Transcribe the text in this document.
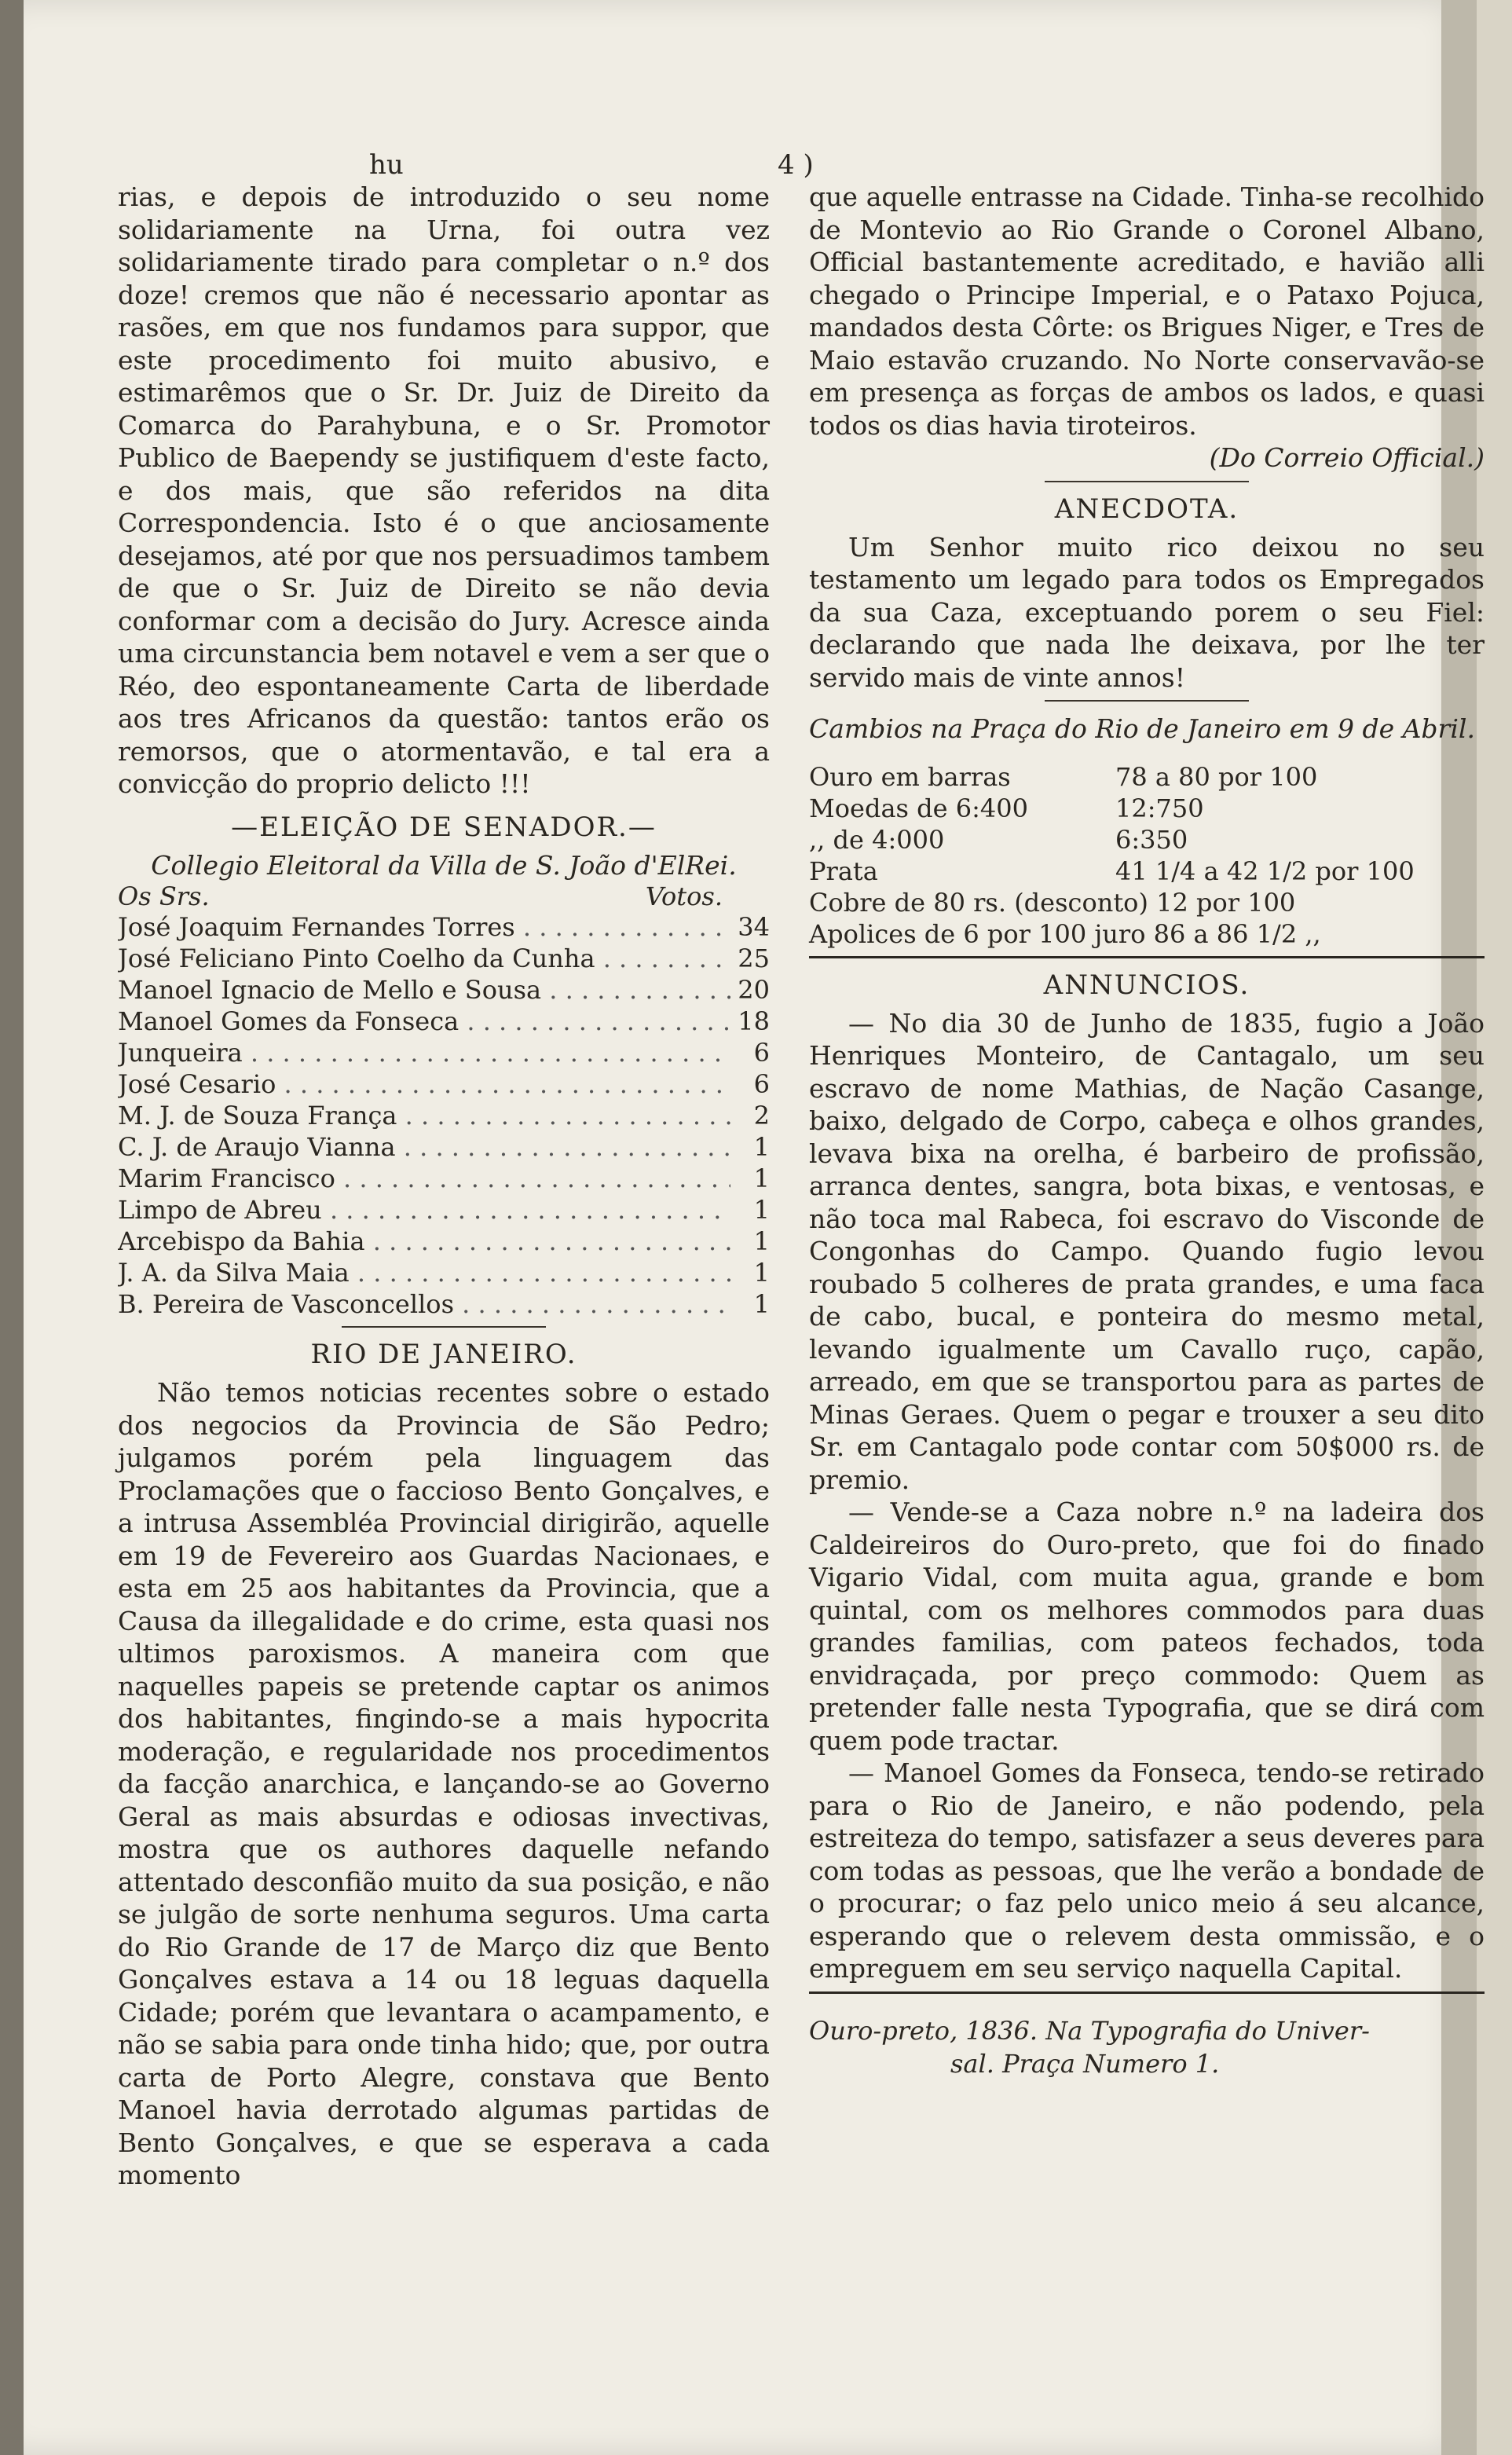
hu	4 )

rias, e depois de introduzido o seu nome solidariamente na Urna, foi outra vez solidariamente tirado para completar o n.º dos doze! cremos que não é necessario apontar as rasões, em que nos fundamos para suppor, que este procedimento foi muito abusivo, e estimarêmos que o Sr. Dr. Juiz de Direito da Comarca do Parahybuna, e o Sr. Promotor Publico de Baependy se justifiquem d'este facto, e dos mais, que são referidos na dita Correspondencia. Isto é o que anciosamente desejamos, até por que nos persuadimos tambem de que o Sr. Juiz de Direito se não devia conformar com a decisão do Jury. Acresce ainda uma circunstancia bem notavel e vem a ser que o Réo, deo espontaneamente Carta de liberdade aos tres Africanos da questão: tantos erão os remorsos, que o atormentavão, e tal era a convicção do proprio delicto !!!

—ELEIÇÃO DE SENADOR.—
Collegio Eleitoral da Villa de S. João d'ElRei.
Os Srs.	Votos.
José Joaquim Fernandes Torres . . .	34
José Feliciano Pinto Coelho da Cunha . . .	25
Manoel Ignacio de Mello e Sousa . . .	20
Manoel Gomes da Fonseca . . .	18
Junqueira . . .	6
José Cesario . . .	6
M. J. de Souza França . . .	2
C. J. de Araujo Vianna . . .	1
Marim Francisco . . .	1
Limpo de Abreu . . .	1
Arcebispo da Bahia . . .	1
J. A. da Silva Maia . . .	1
B. Pereira de Vasconcellos . . .	1
RIO DE JANEIRO.

Não temos noticias recentes sobre o estado dos negocios da Provincia de São Pedro; julgamos porém pela linguagem das Proclamações que o faccioso Bento Gonçalves, e a intrusa Assembléa Provincial dirigirão, aquelle em 19 de Fevereiro aos Guardas Nacionaes, e esta em 25 aos habitantes da Provincia, que a Causa da illegalidade e do crime, esta quasi nos ultimos paroxismos. A maneira com que naquelles papeis se pretende captar os animos dos habitantes, fingindo-se a mais hypocrita moderação, e regularidade nos procedimentos da facção anarchica, e lançando-se ao Governo Geral as mais absurdas e odiosas invectivas, mostra que os authores daquelle nefando attentado desconfião muito da sua posição, e não se julgão de sorte nenhuma seguros. Uma carta do Rio Grande de 17 de Março diz que Bento Gonçalves estava a 14 ou 18 leguas daquella Cidade; porém que levantara o acampamento, e não se sabia para onde tinha hido; que, por outra carta de Porto Alegre, constava que Bento Manoel havia derrotado algumas partidas de Bento Gonçalves, e que se esperava a cada momento

que aquelle entrasse na Cidade. Tinha-se recolhido de Montevio ao Rio Grande o Coronel Albano, Official bastantemente acreditado, e havião alli chegado o Principe Imperial, e o Pataxo Pojuca, mandados desta Côrte: os Brigues Niger, e Tres de Maio estavão cruzando. No Norte conservavão-se em presença as forças de ambos os lados, e quasi todos os dias havia tiroteiros.

(Do Correio Official.)
ANECDOTA.

Um Senhor muito rico deixou no seu testamento um legado para todos os Empregados da sua Caza, exceptuando porem o seu Fiel: declarando que nada lhe deixava, por lhe ter servido mais de vinte annos!

Cambios na Praça do Rio de Janeiro em 9 de Abril.
Ouro em barras	78 a 80 por 100
Moedas de 6:400	12:750
,, de 4:000	6:350
Prata	41 1/4 a 42 1/2 por 100
Cobre de 80 rs. (desconto) 12 por 100
Apolices de 6 por 100 juro 86 a 86 1/2 ,,
ANNUNCIOS.

— No dia 30 de Junho de 1835, fugio a João Henriques Monteiro, de Cantagalo, um seu escravo de nome Mathias, de Nação Casange, baixo, delgado de Corpo, cabeça e olhos grandes, levava bixa na orelha, é barbeiro de profissão, arranca dentes, sangra, bota bixas, e ventosas, e não toca mal Rabeca, foi escravo do Visconde de Congonhas do Campo. Quando fugio levou roubado 5 colheres de prata grandes, e uma faca de cabo, bucal, e ponteira do mesmo metal, levando igualmente um Cavallo ruço, capão, arreado, em que se transportou para as partes de Minas Geraes. Quem o pegar e trouxer a seu dito Sr. em Cantagalo pode contar com 50$000 rs. de premio.

— Vende-se a Caza nobre n.º na ladeira dos Caldeireiros do Ouro-preto, que foi do finado Vigario Vidal, com muita agua, grande e bom quintal, com os melhores commodos para duas grandes familias, com pateos fechados, toda envidraçada, por preço commodo: Quem as pretender falle nesta Typografia, que se dirá com quem pode tractar.

— Manoel Gomes da Fonseca, tendo-se retirado para o Rio de Janeiro, e não podendo, pela estreiteza do tempo, satisfazer a seus deveres para com todas as pessoas, que lhe verão a bondade de o procurar; o faz pelo unico meio á seu alcance, esperando que o relevem desta ommissão, e o empreguem em seu serviço naquella Capital.

Ouro-preto, 1836. Na Typografia do Univer-
sal. Praça Numero 1.
